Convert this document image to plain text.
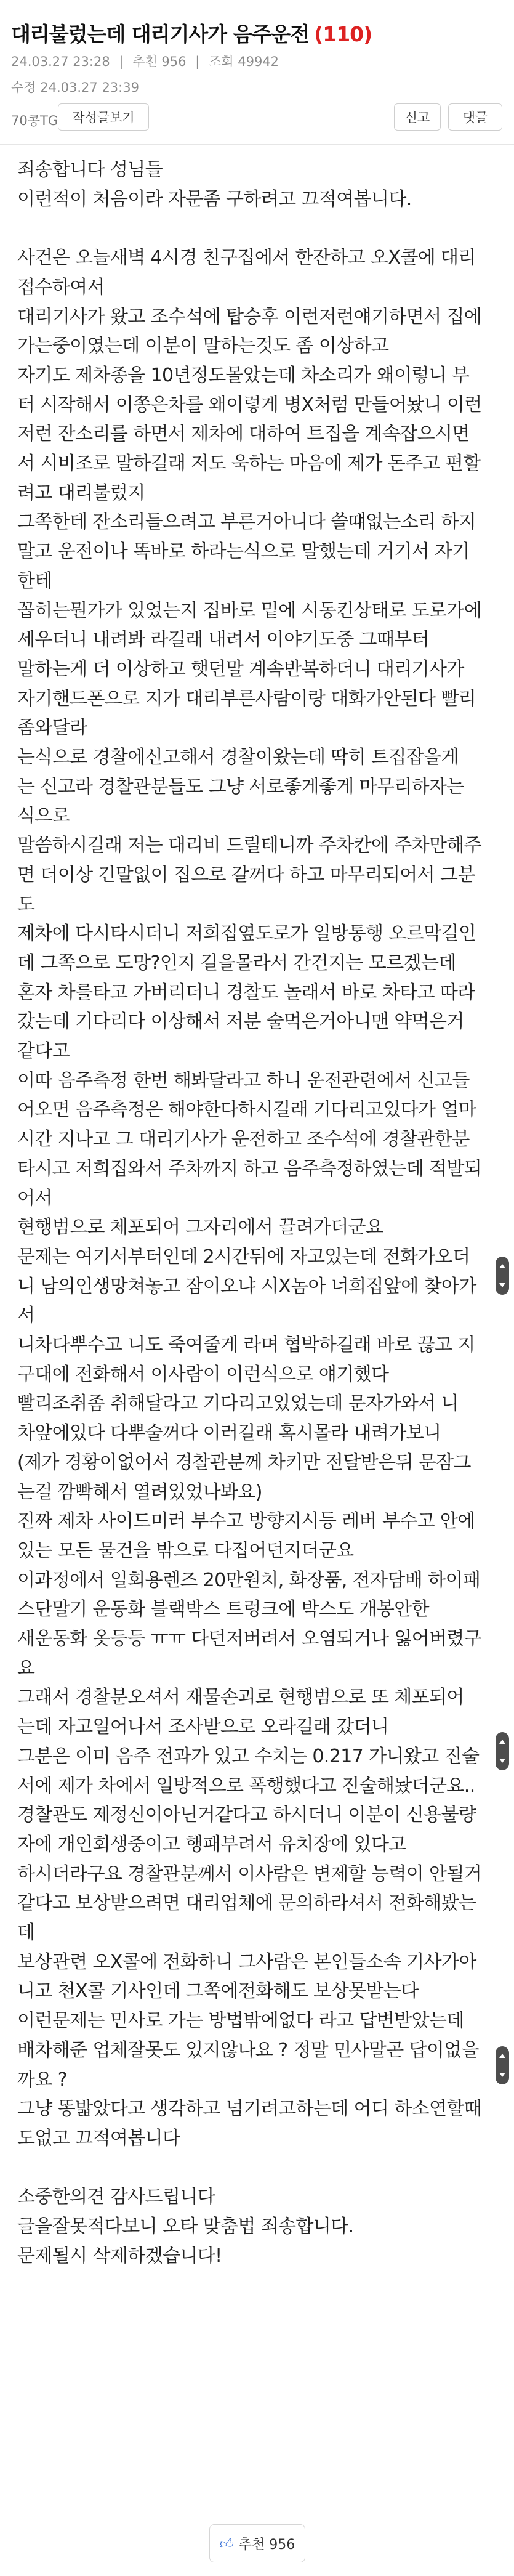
대리불렀는데 대리기사가 음주운전 (110)
24.03.27 23:28 | 추천 956 | 조회 49942
수정 24.03.27 23:39
70콩TG	작성글보기	신고	댓글
죄송합니다 성님들
이런적이 처음이라 자문좀 구하려고 끄적여봅니다.
사건은 오늘새벽 4시경 친구집에서 한잔하고 오X콜에 대리
접수하여서
대리기사가 왔고 조수석에 탑승후 이런저런얘기하면서 집에
가는중이였는데 이분이 말하는것도 좀 이상하고
자기도 제차종을 10년정도몰았는데 차소리가 왜이렇니 부
터 시작해서 이쫑은차를 왜이렇게 병X처럼 만들어놨니 이런
저런 잔소리를 하면서 제차에 대하여 트집을 계속잡으시면
서 시비조로 말하길래 저도 욱하는 마음에 제가 돈주고 편할
려고 대리불렀지
그쪽한테 잔소리들으려고 부른거아니다 쓸떄없는소리 하지
말고 운전이나 똑바로 하라는식으로 말했는데 거기서 자기
한테
꼽히는뭔가가 있었는지 집바로 밑에 시동킨상태로 도로가에
세우더니 내려봐 라길래 내려서 이야기도중 그때부터
말하는게 더 이상하고 햇던말 계속반복하더니 대리기사가
자기핸드폰으로 지가 대리부른사람이랑 대화가안된다 빨리
좀와달라
는식으로 경찰에신고해서 경찰이왔는데 딱히 트집잡을게
는 신고라 경찰관분들도 그냥 서로좋게좋게 마무리하자는
식으로
말씀하시길래 저는 대리비 드릴테니까 주차칸에 주차만해주
면 더이상 긴말없이 집으로 갈꺼다 하고 마무리되어서 그분
도
제차에 다시타시더니 저희집옆도로가 일방통행 오르막길인
데 그쪽으로 도망?인지 길을몰라서 간건지는 모르겠는데
혼자 차를타고 가버리더니 경찰도 놀래서 바로 차타고 따라
갔는데 기다리다 이상해서 저분 술먹은거아니맨 약먹은거
같다고
이따 음주측정 한번 해봐달라고 하니 운전관련에서 신고들
어오면 음주측정은 해야한다하시길래 기다리고있다가 얼마
시간 지나고 그 대리기사가 운전하고 조수석에 경찰관한분
타시고 저희집와서 주차까지 하고 음주측정하였는데 적발되
어서
현행범으로 체포되어 그자리에서 끌려가더군요
문제는 여기서부터인데 2시간뒤에 자고있는데 전화가오더
니 남의인생망쳐놓고 잠이오냐 시X놈아 너희집앞에 찾아가
서
니차다뿌수고 니도 죽여줄게 라며 협박하길래 바로 끊고 지
구대에 전화해서 이사람이 이런식으로 얘기했다
빨리조취좀 취해달라고 기다리고있었는데 문자가와서 니
차앞에있다 다뿌술꺼다 이러길래 혹시몰라 내려가보니
(제가 경황이없어서 경찰관분께 차키만 전달받은뒤 문잠그
는걸 깜빡해서 열려있었나봐요)
진짜 제차 사이드미러 부수고 방향지시등 레버 부수고 안에
있는 모든 물건을 밖으로 다집어던지더군요
이과정에서 일회용렌즈 20만원치, 화장품, 전자담배 하이패
스단말기 운동화 블랙박스 트렁크에 박스도 개봉안한
새운동화 옷등등 ㅠㅠ 다던저버려서 오염되거나 잃어버렸구
요
그래서 경찰분오셔서 재물손괴로 현행범으로 또 체포되어
는데 자고일어나서 조사받으로 오라길래 갔더니
그분은 이미 음주 전과가 있고 수치는 0.217 가니왔고 진술
서에 제가 차에서 일방적으로 폭행했다고 진술해놨더군요..
경찰관도 제정신이아닌거같다고 하시더니 이분이 신용불량
자에 개인회생중이고 행패부려서 유치장에 있다고
하시더라구요 경찰관분께서 이사람은 변제할 능력이 안될거
같다고 보상받으려면 대리업체에 문의하라셔서 전화해봤는
데
보상관련 오X콜에 전화하니 그사람은 본인들소속 기사가아
니고 천X콜 기사인데 그쪽에전화해도 보상못받는다
이런문제는 민사로 가는 방법밖에없다 라고 답변받았는데
배차해준 업체잘못도 있지않나요 ? 정말 민사말곤 답이없을
까요 ?
그냥 똥밟았다고 생각하고 넘기려고하는데 어디 하소연할때
도없고 끄적여봅니다
소중한의견 감사드립니다
글을잘못적다보니 오타 맞춤법 죄송합니다.
문제될시 삭제하겠습니다!
👍︎ 추천 956
